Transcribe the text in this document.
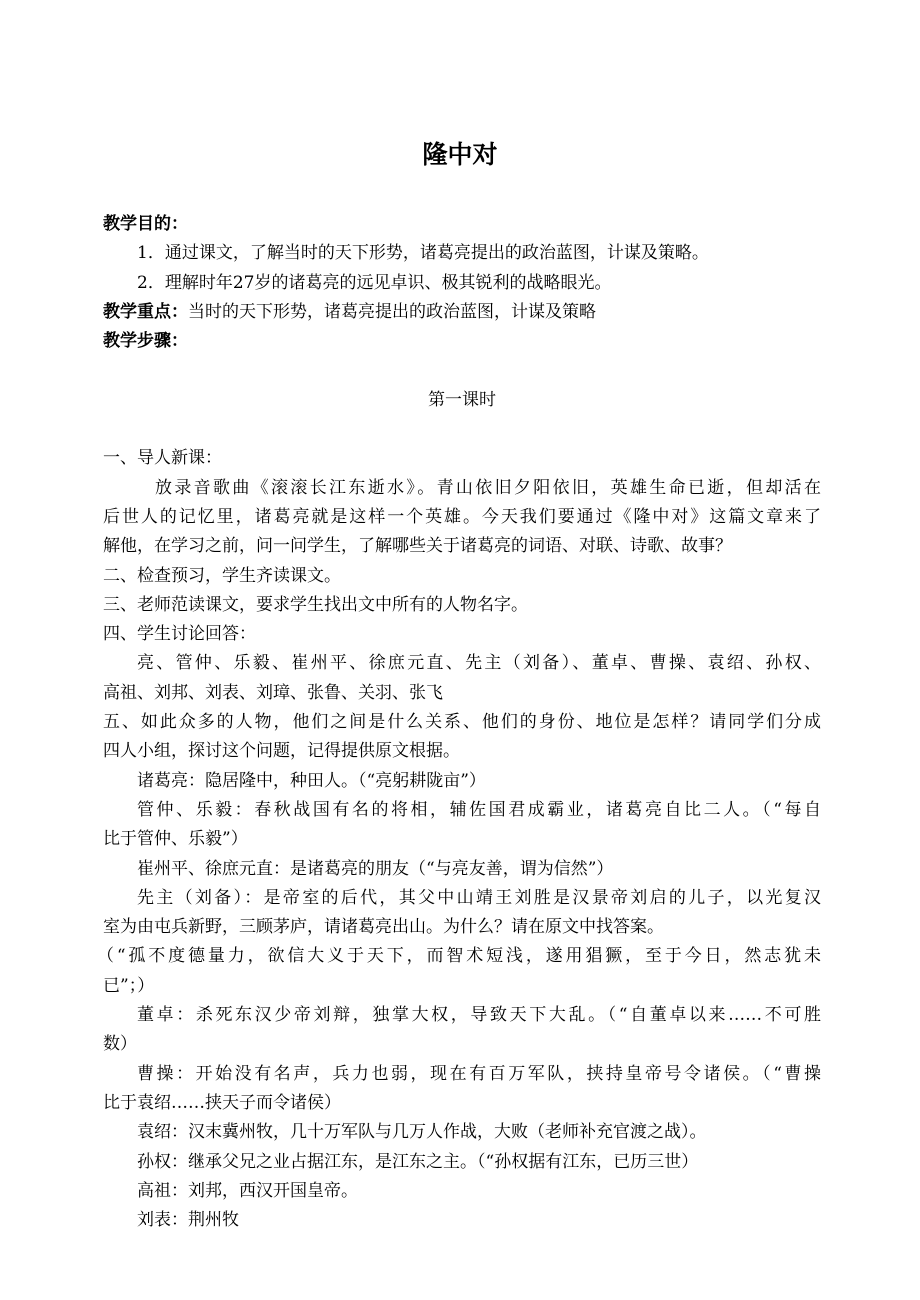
隆中对
教学目的：
1．通过课文，了解当时的天下形势，诸葛亮提出的政治蓝图，计谋及策略。
2．理解时年27岁的诸葛亮的远见卓识、极其锐利的战略眼光。
教学重点：当时的天下形势，诸葛亮提出的政治蓝图，计谋及策略
教学步骤：
第一课时
一、导人新课：
放录音歌曲《滚滚长江东逝水》。青山依旧夕阳依旧，英雄生命已逝，但却活在
后世人的记忆里，诸葛亮就是这样一个英雄。今天我们要通过《隆中对》这篇文章来了
解他，在学习之前，问一问学生，了解哪些关于诸葛亮的词语、对联、诗歌、故事？
二、检查预习，学生齐读课文。
三、老师范读课文，要求学生找出文中所有的人物名字。
四、学生讨论回答：
亮、管仲、乐毅、崔州平、徐庶元直、先主（刘备）、董卓、曹操、袁绍、孙权、
高祖、刘邦、刘表、刘璋、张鲁、关羽、张飞
五、如此众多的人物，他们之间是什么关系、他们的身份、地位是怎样？请同学们分成
四人小组，探讨这个问题，记得提供原文根据。
诸葛亮：隐居隆中，种田人。（“亮躬耕陇亩”）
管仲、乐毅：春秋战国有名的将相，辅佐国君成霸业，诸葛亮自比二人。（“每自
比于管仲、乐毅”）
崔州平、徐庶元直：是诸葛亮的朋友（“与亮友善，谓为信然”）
先主（刘备）：是帝室的后代，其父中山靖王刘胜是汉景帝刘启的儿子，以光复汉
室为由屯兵新野，三顾茅庐，请诸葛亮出山。为什么？请在原文中找答案。
（“孤不度德量力，欲信大义于天下，而智术短浅，遂用猖獗，至于今日，然志犹未
已”；）
董卓：杀死东汉少帝刘辩，独掌大权，导致天下大乱。（“自董卓以来……不可胜
数）
曹操：开始没有名声，兵力也弱，现在有百万军队，挟持皇帝号令诸侯。（“曹操
比于袁绍……挟天子而令诸侯）
袁绍：汉末冀州牧，几十万军队与几万人作战，大败（老师补充官渡之战）。
孙权：继承父兄之业占据江东，是江东之主。（“孙权据有江东，已历三世）
高祖：刘邦，西汉开国皇帝。
刘表：荆州牧
